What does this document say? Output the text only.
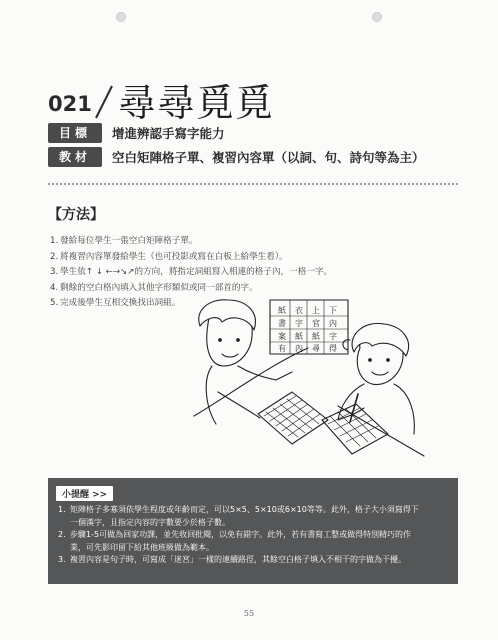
021 尋尋覓覓
目標	增進辨認手寫字能力
教材	空白矩陣格子單、複習內容單（以詞、句、詩句等為主）
【方法】
1. 發給每位學生一張空白矩陣格子單。
2. 將複習內容單發給學生（也可投影或寫在白板上給學生看）。
3. 學生依↑ ↓ ←→↘↗的方向，將指定詞組寫入相連的格子內，一格一字。
4. 剩餘的空白格內填入其他字形類似或同一部首的字。
5. 完成後學生互相交換找出詞組。
紙 衣 上 下
書 字 官 內
案 紙 紙 字
有 內 尋 得
小提醒 >>
1. 矩陣格子多寡須依學生程度或年齡而定，可以5×5、5×10或6×10等等。此外，格子大小須寫得下
一個漢字，且指定內容的字數要少於格子數。
2. 步驟1-5可做為回家功課，並先收回批閱，以免有錯字。此外，若有書寫工整或做得特別精巧的作
業，可先影印留下給其他班級做為範本。
3. 複習內容是句子時，可寫成「迷宮」一樣的連續路徑，其餘空白格子填入不相干的字做為干擾。
55
